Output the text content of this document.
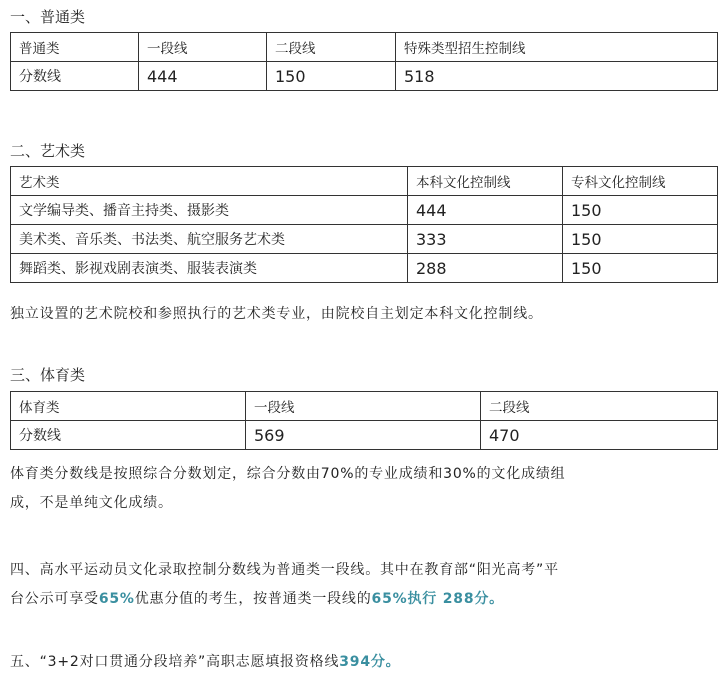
一、普通类
普通类	一段线	二段线	特殊类型招生控制线
分数线	444	150	518
二、艺术类
艺术类	本科文化控制线	专科文化控制线
文学编导类、播音主持类、摄影类	444	150
美术类、音乐类、书法类、航空服务艺术类	333	150
舞蹈类、影视戏剧表演类、服装表演类	288	150
独立设置的艺术院校和参照执行的艺术类专业，由院校自主划定本科文化控制线。
三、体育类
体育类	一段线	二段线
分数线	569	470
体育类分数线是按照综合分数划定，综合分数由70%的专业成绩和30%的文化成绩组
成，不是单纯文化成绩。
四、高水平运动员文化录取控制分数线为普通类一段线。其中在教育部“阳光高考”平
台公示可享受65%优惠分值的考生，按普通类一段线的65%执行 288分。
五、“3+2对口贯通分段培养”高职志愿填报资格线394分。
